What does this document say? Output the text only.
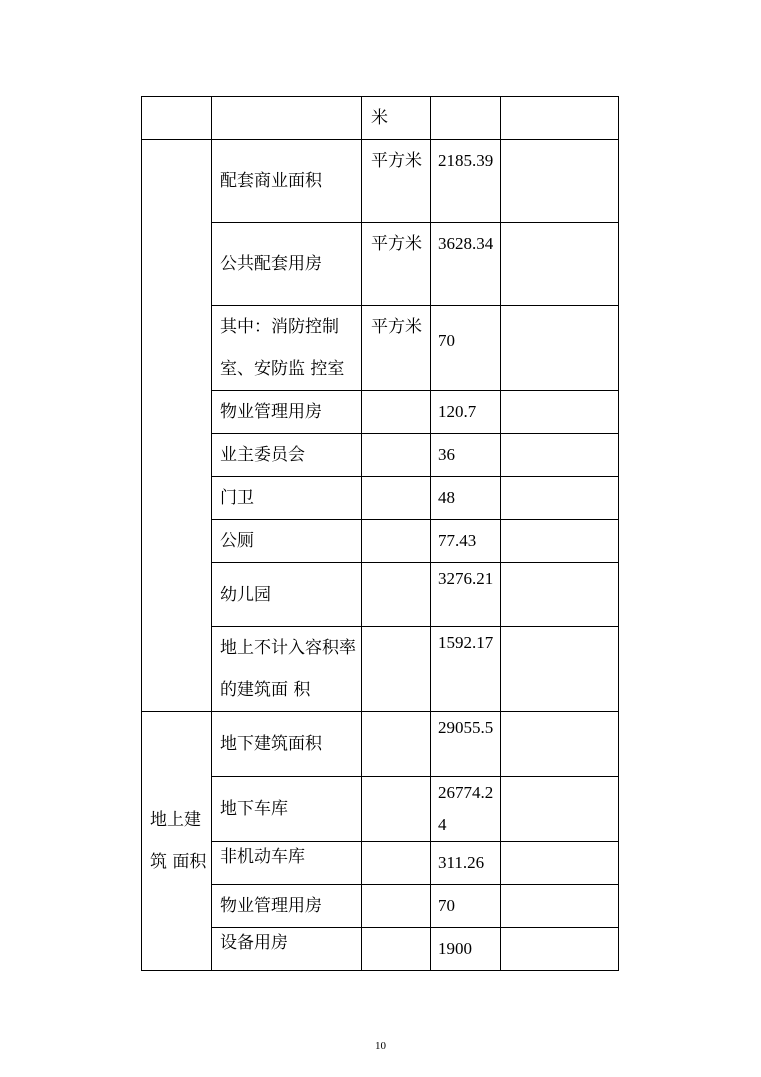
		米		
	配套商业面积	平方米	2185.39	
	公共配套用房	平方米	3628.34	
	其中：消防控制室、安防监 控室	平方米	70	

	物业管理用房		120.7	
	业主委员会		36	
	门卫		48	
	公厕		77.43	
	幼儿园		3276.21	
	地上不计入容积率的建筑面 积		1592.17	

地上建筑 面积	地下建筑面积		29055.5	
	地下车库		26774.24	
	非机动车库		311.26	
	物业管理用房		70	
	设备用房		1900	
10
